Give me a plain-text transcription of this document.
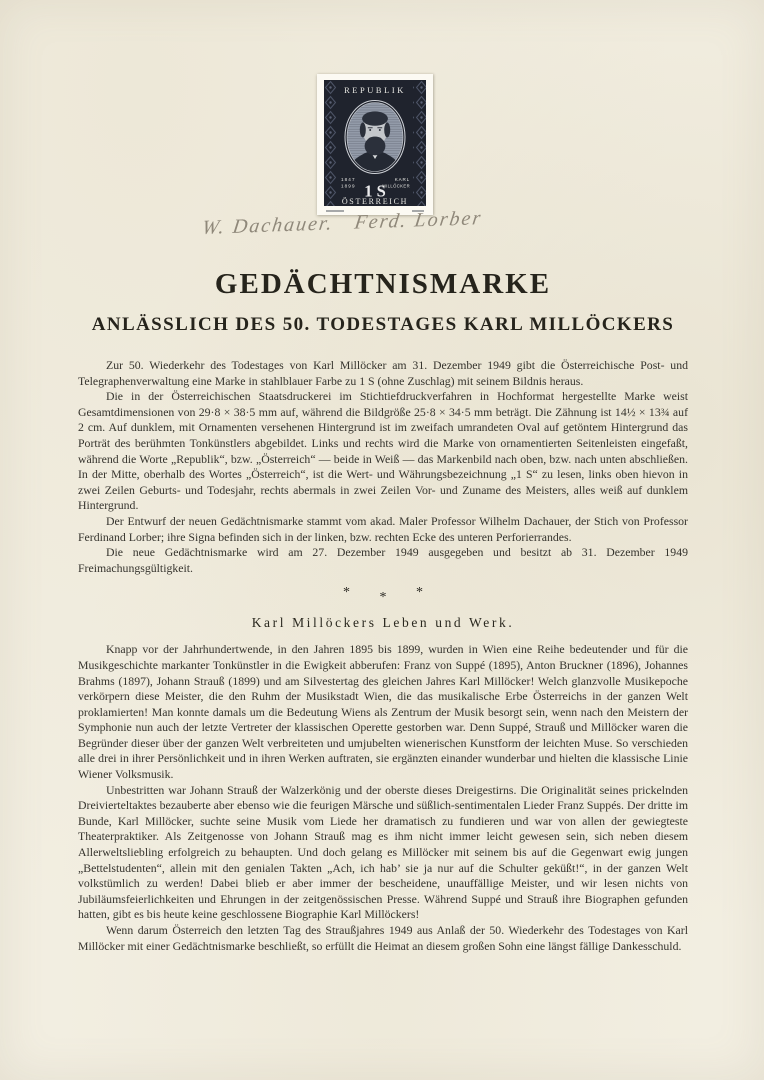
REPUBLIK
1847
1899
KARL
MILLÖCKER
1 S
ÖSTERREICH
W. Dachauer.   Ferd. Lorber
GEDÄCHTNISMARKE
ANLÄSSLICH DES 50. TODESTAGES KARL MILLÖCKERS

Zur 50. Wiederkehr des Todestages von Karl Millöcker am 31. Dezember 1949 gibt die Österreichische Post- und Telegraphenverwaltung eine Marke in stahlblauer Farbe zu 1 S (ohne Zuschlag) mit seinem Bildnis heraus.

Die in der Österreichischen Staatsdruckerei im Stichtiefdruckverfahren in Hochformat hergestellte Marke weist Gesamtdimensionen von 29·8 × 38·5 mm auf, während die Bildgröße 25·8 × 34·5 mm beträgt. Die Zähnung ist 14½ × 13¾ auf 2 cm. Auf dunklem, mit Ornamenten versehenen Hintergrund ist im zweifach umrandeten Oval auf getöntem Hintergrund das Porträt des berühmten Tonkünstlers abgebildet. Links und rechts wird die Marke von ornamentierten Seitenleisten eingefaßt, während die Worte „Republik“, bzw. „Österreich“ — beide in Weiß — das Markenbild nach oben, bzw. nach unten abschließen. In der Mitte, oberhalb des Wortes „Österreich“, ist die Wert- und Währungsbezeichnung „1 S“ zu lesen, links oben hievon in zwei Zeilen Geburts- und Todesjahr, rechts abermals in zwei Zeilen Vor- und Zuname des Meisters, alles weiß auf dunklem Hintergrund.

Der Entwurf der neuen Gedächtnismarke stammt vom akad. Maler Professor Wilhelm Dachauer, der Stich von Professor Ferdinand Lorber; ihre Signa befinden sich in der linken, bzw. rechten Ecke des unteren Perforierrandes.

Die neue Gedächtnismarke wird am 27. Dezember 1949 ausgegeben und besitzt ab 31. Dezember 1949 Freimachungsgültigkeit.

* * *
Karl Millöckers Leben und Werk.

Knapp vor der Jahrhundertwende, in den Jahren 1895 bis 1899, wurden in Wien eine Reihe bedeutender und für die Musikgeschichte markanter Tonkünstler in die Ewigkeit abberufen: Franz von Suppé (1895), Anton Bruckner (1896), Johannes Brahms (1897), Johann Strauß (1899) und am Silvestertag des gleichen Jahres Karl Millöcker! Welch glanzvolle Musikepoche verkörpern diese Meister, die den Ruhm der Musikstadt Wien, die das musikalische Erbe Österreichs in der ganzen Welt proklamierten! Man konnte damals um die Bedeutung Wiens als Zentrum der Musik besorgt sein, wenn nach den Meistern der Symphonie nun auch der letzte Vertreter der klassischen Operette gestorben war. Denn Suppé, Strauß und Millöcker waren die Begründer dieser über der ganzen Welt verbreiteten und umjubelten wienerischen Kunstform der leichten Muse. So verschieden alle drei in ihrer Persönlichkeit und in ihren Werken auftraten, sie ergänzten einander wunderbar und hielten die klassische Linie Wiener Volksmusik.

Unbestritten war Johann Strauß der Walzerkönig und der oberste dieses Dreigestirns. Die Originalität seines prickelnden Dreivierteltaktes bezauberte aber ebenso wie die feurigen Märsche und süßlich-sentimentalen Lieder Franz Suppés. Der dritte im Bunde, Karl Millöcker, suchte seine Musik vom Liede her dramatisch zu fundieren und war von allen der gewiegteste Theaterpraktiker. Als Zeitgenosse von Johann Strauß mag es ihm nicht immer leicht gewesen sein, sich neben diesem Allerweltsliebling erfolgreich zu behaupten. Und doch gelang es Millöcker mit seinem bis auf die Gegenwart ewig jungen „Bettelstudenten“, allein mit den genialen Takten „Ach, ich hab’ sie ja nur auf die Schulter geküßt!“, in der ganzen Welt volkstümlich zu werden! Dabei blieb er aber immer der bescheidene, unauffällige Meister, und wir lesen nichts von Jubiläumsfeierlichkeiten und Ehrungen in der zeitgenössischen Presse. Während Suppé und Strauß ihre Biographen gefunden hatten, gibt es bis heute keine geschlossene Biographie Karl Millöckers!

Wenn darum Österreich den letzten Tag des Straußjahres 1949 aus Anlaß der 50. Wiederkehr des Todestages von Karl Millöcker mit einer Gedächtnismarke beschließt, so erfüllt die Heimat an diesem großen Sohn eine längst fällige Dankesschuld.
